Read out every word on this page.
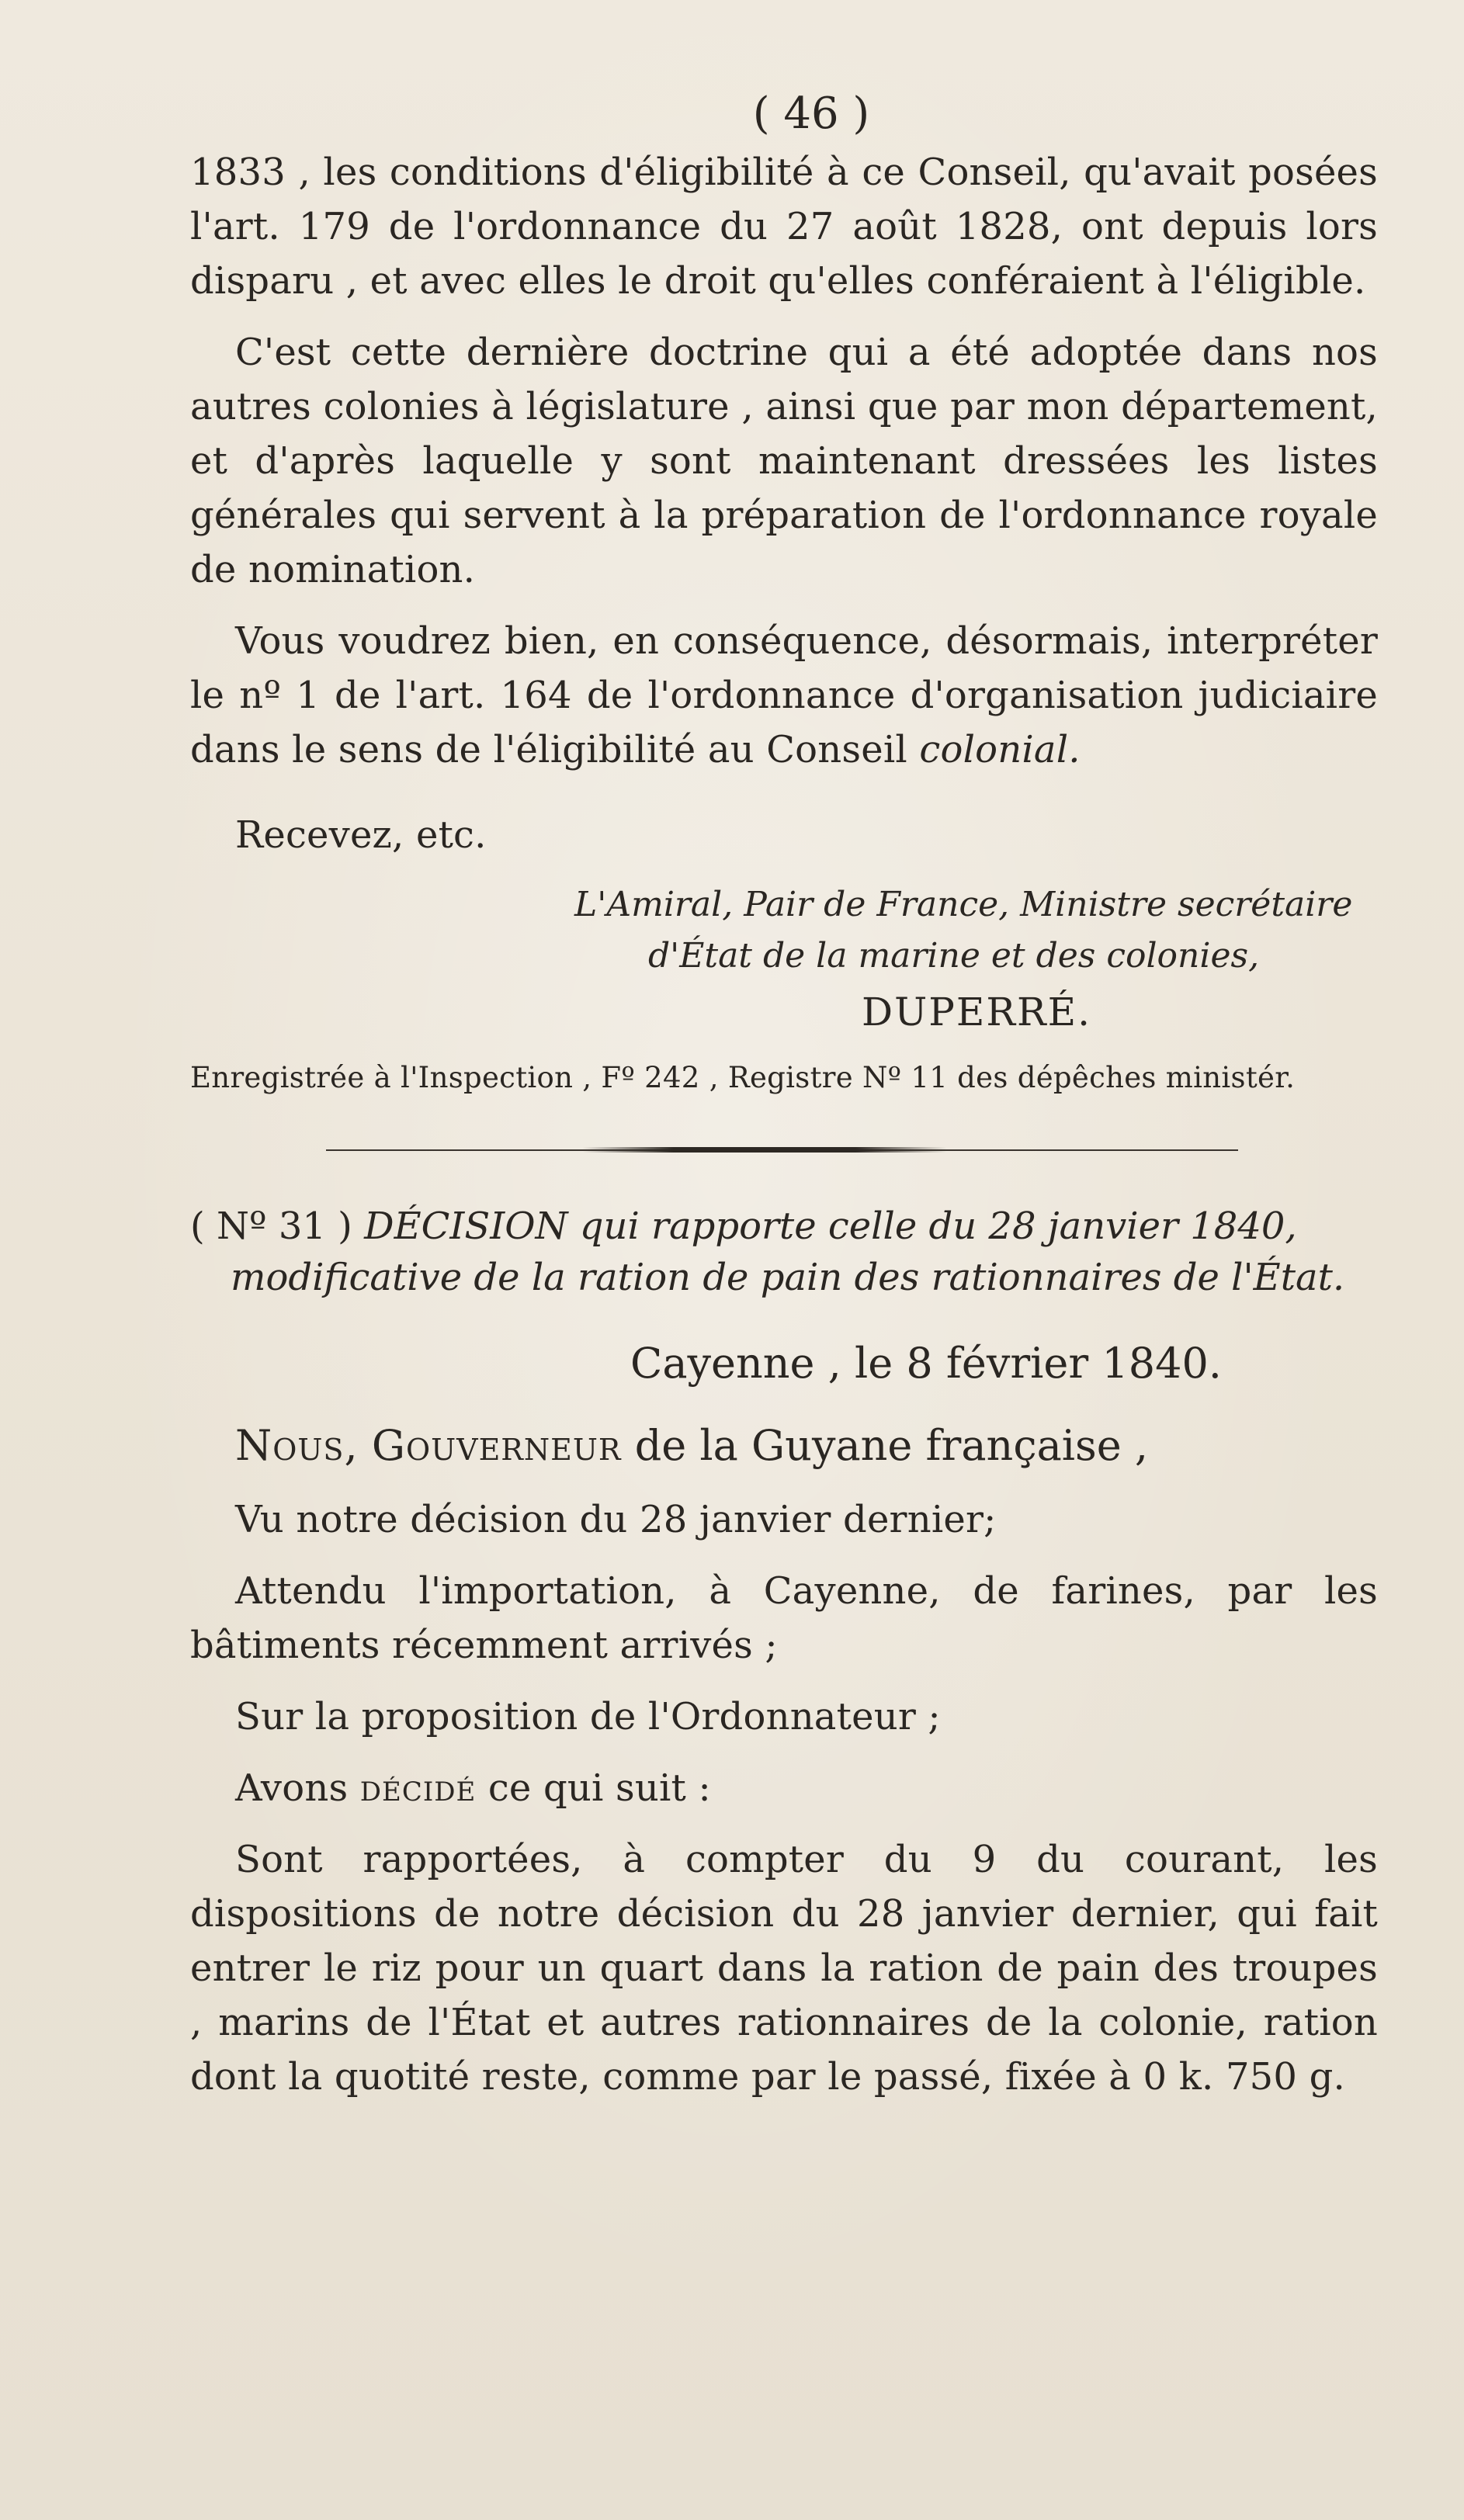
( 46 )

1833 , les conditions d'éligibilité à ce Conseil, qu'avait posées l'art. 179 de l'ordonnance du 27 août 1828, ont depuis lors disparu , et avec elles le droit qu'elles conféraient à l'éligible.

C'est cette dernière doctrine qui a été adoptée dans nos autres colonies à législature , ainsi que par mon département, et d'après laquelle y sont maintenant dressées les listes générales qui servent à la préparation de l'ordonnance royale de nomination.

Vous voudrez bien, en conséquence, désormais, interpréter le nº 1 de l'art. 164 de l'ordonnance d'organisation judiciaire dans le sens de l'éligibilité au Conseil colonial.

Recevez, etc.

L'Amiral, Pair de France, Ministre secrétaire
d'État de la marine et des colonies,
DUPERRÉ.
Enregistrée à l'Inspection , Fº 242 , Registre Nº 11 des dépêches ministér.
( Nº 31 ) DÉCISION qui rapporte celle du 28 janvier 1840,
modificative de la ration de pain des rationnaires de l'État.
Cayenne , le 8 février 1840.
Nous, Gouverneur de la Guyane française ,

Vu notre décision du 28 janvier dernier;

Attendu l'importation, à Cayenne, de farines, par les bâtiments récemment arrivés ;

Sur la proposition de l'Ordonnateur ;

Avons décidé ce qui suit :

Sont rapportées, à compter du 9 du courant, les dispositions de notre décision du 28 janvier dernier, qui fait entrer le riz pour un quart dans la ration de pain des troupes , marins de l'État et autres rationnaires de la colonie, ration dont la quotité reste, comme par le passé, fixée à 0 k. 750 g.
